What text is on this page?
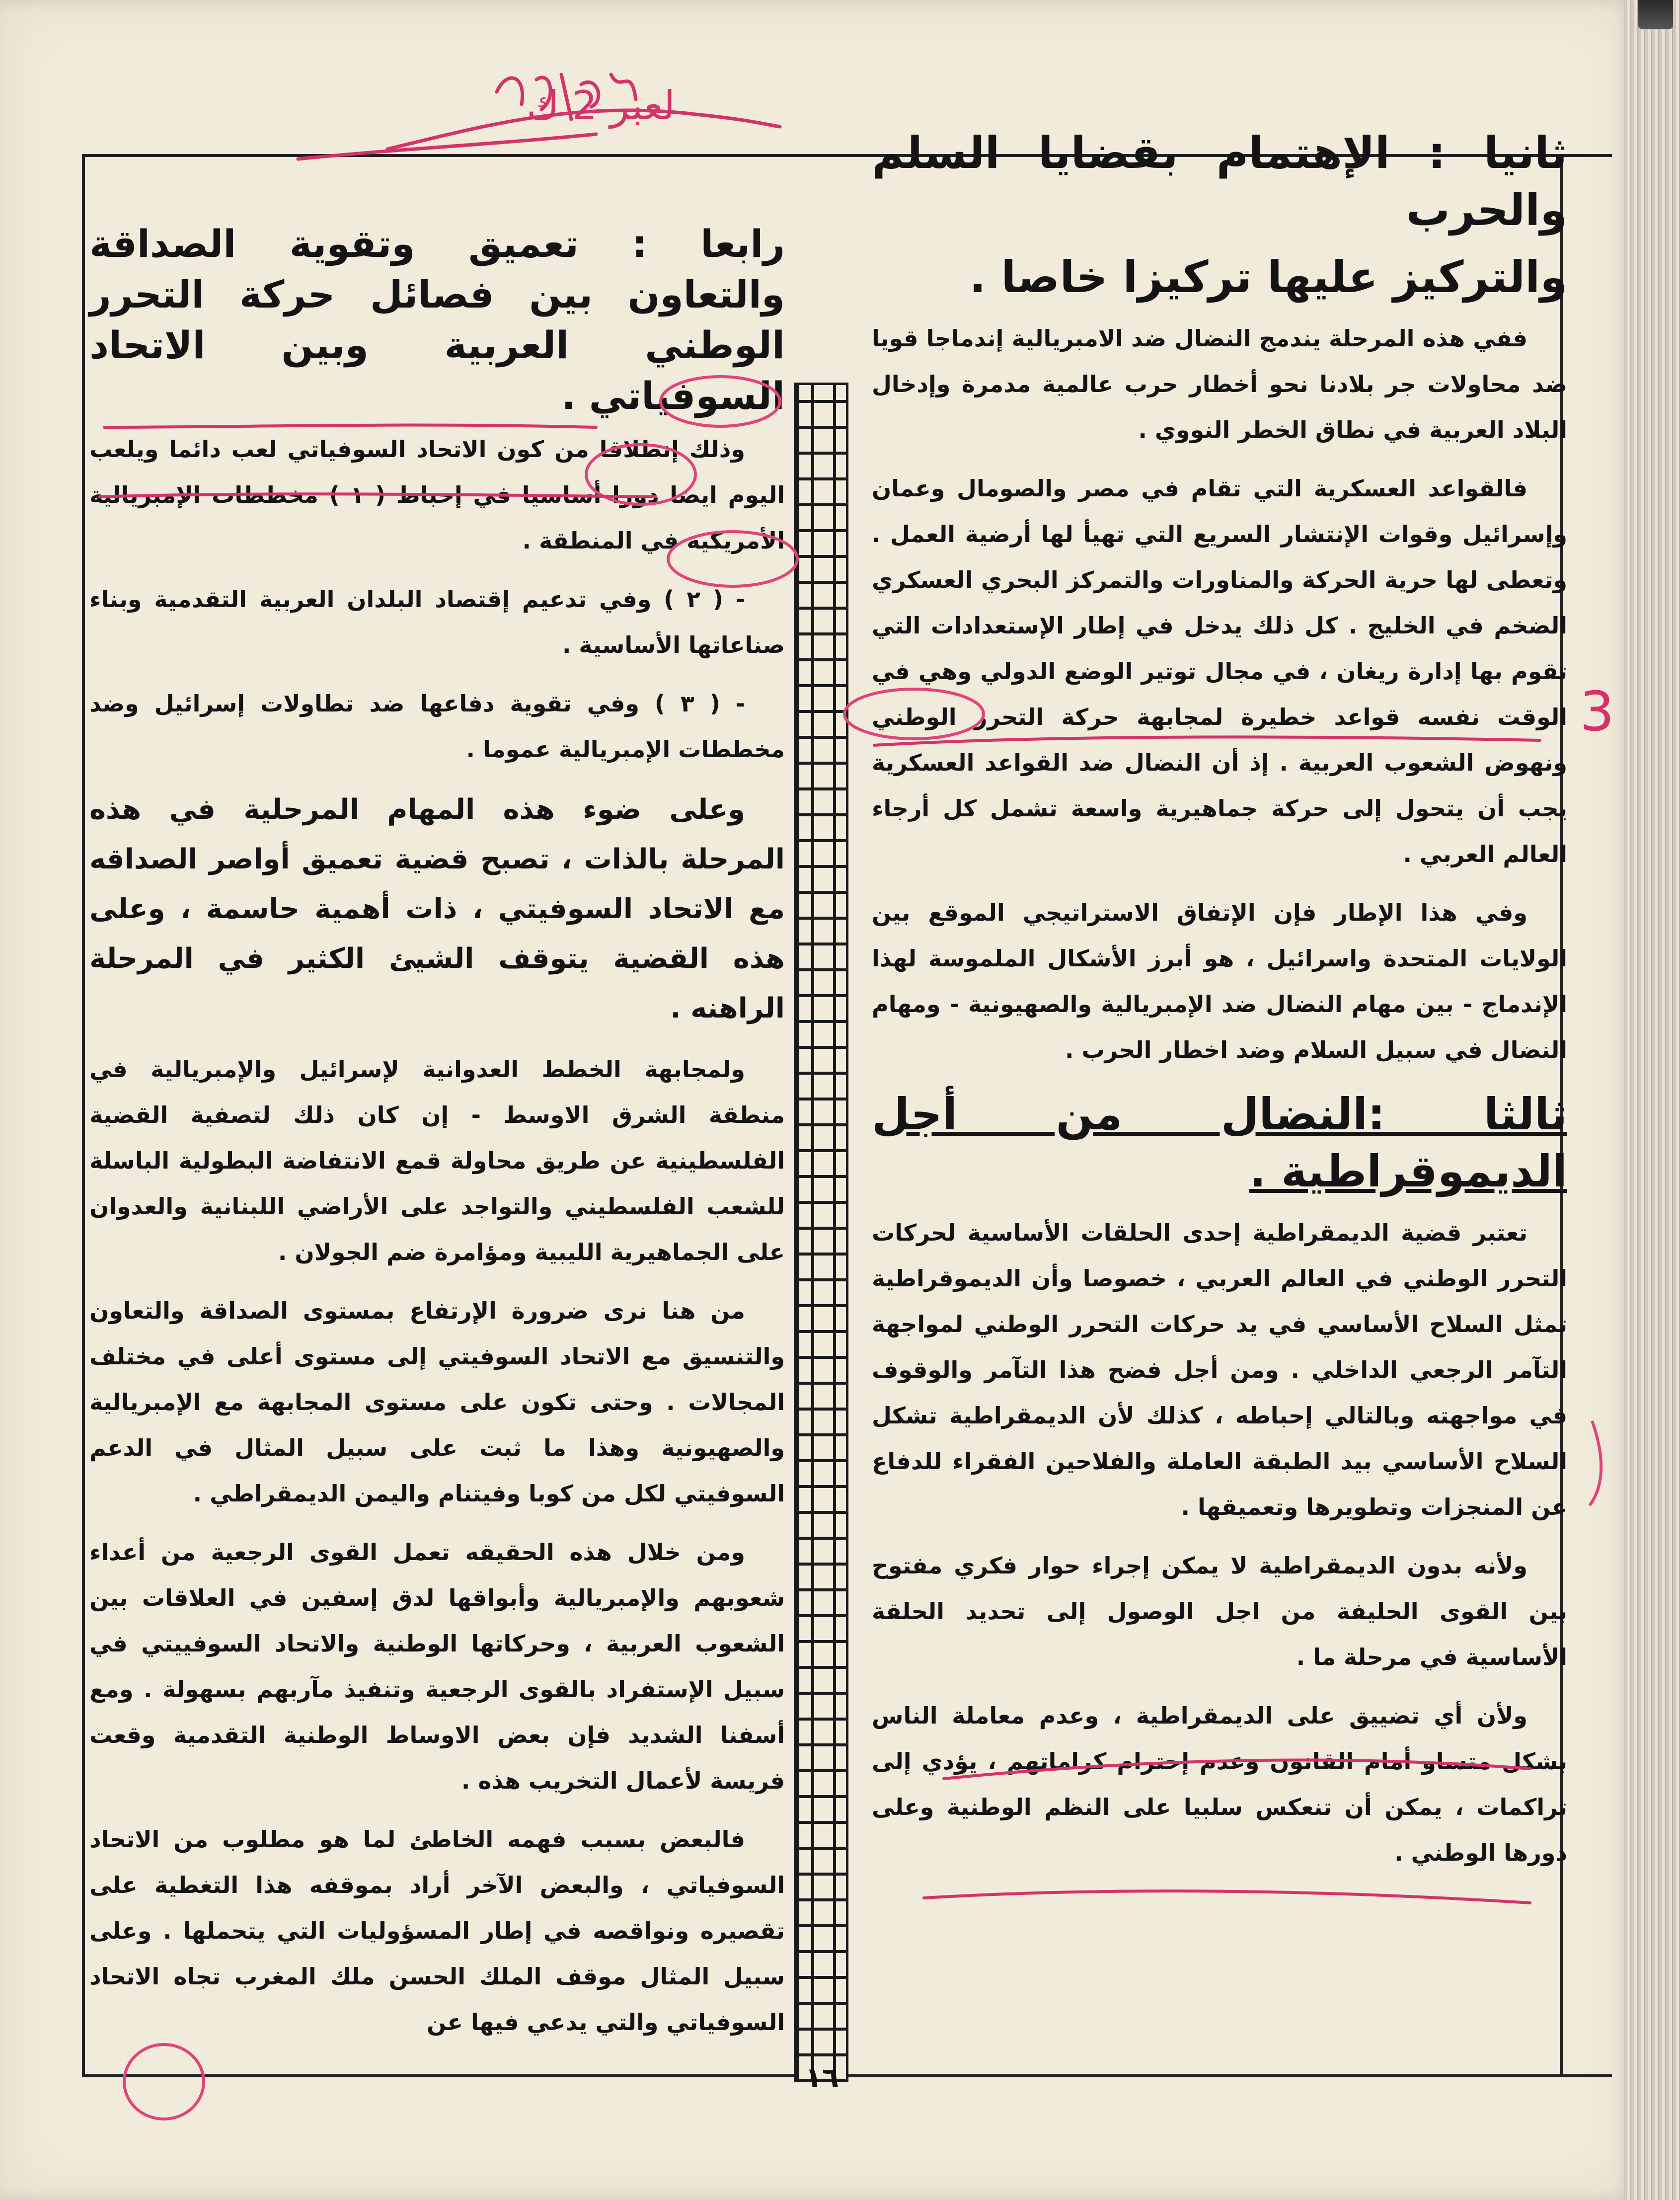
ثانيا : الإهتمام بقضايا السلم والحرب
والتركيز عليها تركيزا خاصا .

ففي هذه المرحلة يندمج النضال ضد الامبريالية إندماجا قويا ضد محاولات جر بلادنا نحو أخطار حرب عالمية مدمرة وإدخال البلاد العربية في نطاق الخطر النووي .

فالقواعد العسكرية التي تقام في مصر والصومال وعمان وإسرائيل وقوات الإنتشار السريع التي تهيأ لها أرضية العمل . وتعطى لها حرية الحركة والمناورات والتمركز البحري العسكري الضخم في الخليج . كل ذلك يدخل في إطار الإستعدادات التي تقوم بها إدارة ريغان ، في مجال توتير الوضع الدولي وهي في الوقت نفسه قواعد خطيرة لمجابهة حركة التحرر الوطني ونهوض الشعوب العربية . إذ أن النضال ضد القواعد العسكرية يجب أن يتحول إلى حركة جماهيرية واسعة تشمل كل أرجاء العالم العربي .

وفي هذا الإطار فإن الإتفاق الاستراتيجي الموقع بين الولايات المتحدة واسرائيل ، هو أبرز الأشكال الملموسة لهذا الإندماج - بين مهام النضال ضد الإمبريالية والصهيونية - ومهام النضال في سبيل السلام وضد اخطار الحرب .

ثالثا :النضال من أجل الديموقراطية .

تعتبر قضية الديمقراطية إحدى الحلقات الأساسية لحركات التحرر الوطني في العالم العربي ، خصوصا وأن الديموقراطية تمثل السلاح الأساسي في يد حركات التحرر الوطني لمواجهة التآمر الرجعي الداخلي . ومن أجل فضح هذا التآمر والوقوف في مواجهته وبالتالي إحباطه ، كذلك لأن الديمقراطية تشكل السلاح الأساسي بيد الطبقة العاملة والفلاحين الفقراء للدفاع عن المنجزات وتطويرها وتعميقها .

ولأنه بدون الديمقراطية لا يمكن إجراء حوار فكري مفتوح بين القوى الحليفة من اجل الوصول إلى تحديد الحلقة الأساسية في مرحلة ما .

ولأن أي تضييق على الديمقراطية ، وعدم معاملة الناس بشكل متساو أمام القانون وعدم إحترام كراماتهم ، يؤدي إلى تراكمات ، يمكن أن تنعكس سلبيا على النظم الوطنية وعلى دورها الوطني .

رابعا : تعميق وتقوية الصداقة والتعاون بين فصائل حركة التحرر الوطني العربية وبين الاتحاد السوفياتي .

وذلك إنطلاقا من كون الاتحاد السوفياتي لعب دائما ويلعب اليوم ايضا دورا أساسيا في إحباط ( ١ ) مخططات الإمبريالية الأمريكية في المنطقة .

- ( ٢ ) وفي تدعيم إقتصاد البلدان العربية التقدمية وبناء صناعاتها الأساسية .

- ( ٣ ) وفي تقوية دفاعها ضد تطاولات إسرائيل وضد مخططات الإمبريالية عموما .

وعلى ضوء هذه المهام المرحلية في هذه المرحلة بالذات ، تصبح قضية تعميق أواصر الصداقه مع الاتحاد السوفيتي ، ذات أهمية حاسمة ، وعلى هذه القضية يتوقف الشيئ الكثير في المرحلة الراهنه .

ولمجابهة الخطط العدوانية لإسرائيل والإمبريالية في منطقة الشرق الاوسط - إن كان ذلك لتصفية القضية الفلسطينية عن طريق محاولة قمع الانتفاضة البطولية الباسلة للشعب الفلسطيني والتواجد على الأراضي اللبنانية والعدوان على الجماهيرية الليبية ومؤامرة ضم الجولان .

من هنا نرى ضرورة الإرتفاع بمستوى الصداقة والتعاون والتنسيق مع الاتحاد السوفيتي إلى مستوى أعلى في مختلف المجالات . وحتى تكون على مستوى المجابهة مع الإمبريالية والصهيونية وهذا ما ثبت على سبيل المثال في الدعم السوفيتي لكل من كوبا وفيتنام واليمن الديمقراطي .

ومن خلال هذه الحقيقه تعمل القوى الرجعية من أعداء شعوبهم والإمبريالية وأبواقها لدق إسفين في العلاقات بين الشعوب العربية ، وحركاتها الوطنية والاتحاد السوفييتي في سبيل الإستفراد بالقوى الرجعية وتنفيذ مآربهم بسهولة . ومع أسفنا الشديد فإن بعض الاوساط الوطنية التقدمية وقعت فريسة لأعمال التخريب هذه .

فالبعض بسبب فهمه الخاطئ لما هو مطلوب من الاتحاد السوفياتي ، والبعض الآخر أراد بموقفه هذا التغطية على تقصيره ونواقصه في إطار المسؤوليات التي يتحملها . وعلى سبيل المثال موقف الملك الحسن ملك المغرب تجاه الاتحاد السوفياتي والتي يدعي فيها عن

١٦
لعبر 2 ك
3
